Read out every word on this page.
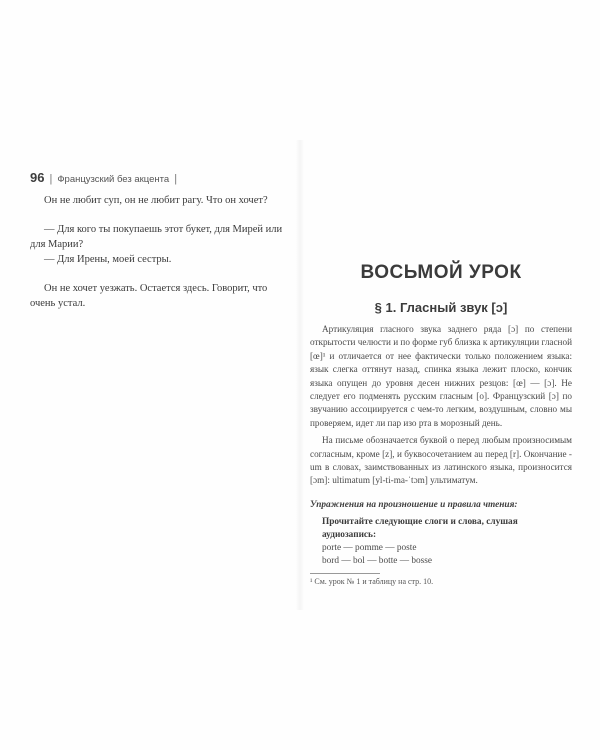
96 | Французский без акцента |

Он не любит суп, он не любит рагу. Что он хочет?

— Для кого ты покупаешь этот букет, для Мирей или для Марии?

— Для Ирены, моей сестры.

Он не хочет уезжать. Остается здесь. Говорит, что очень устал.

ВОСЬМОЙ УРОК
§ 1. Гласный звук [ɔ]

Артикуляция гласного звука заднего ряда [ɔ] по степени открытости челюсти и по форме губ близка к артикуляции гласной [œ]¹ и отличается от нее фактически только положением языка: язык слегка оттянут назад, спинка языка лежит плоско, кончик языка опущен до уровня десен нижних резцов: [œ] — [ɔ]. Не следует его подменять русским гласным [о]. Французский [ɔ] по звучанию ассоциируется с чем-то легким, воздушным, словно мы проверяем, идет ли пар изо рта в морозный день.

На письме обозначается буквой o перед любым произносимым согласным, кроме [z], и буквосочетанием au перед [r]. Окончание -um в словах, заимствованных из латинского языка, произносится [ɔm]: ultimatum [yl-ti-ma-ˈtɔm] ультиматум.

Упражнения на произношение и правила чтения:

Прочитайте следующие слоги и слова, слушая аудиозапись:

porte — pomme — poste

bord — bol — botte — bosse

¹ См. урок № 1 и таблицу на стр. 10.
